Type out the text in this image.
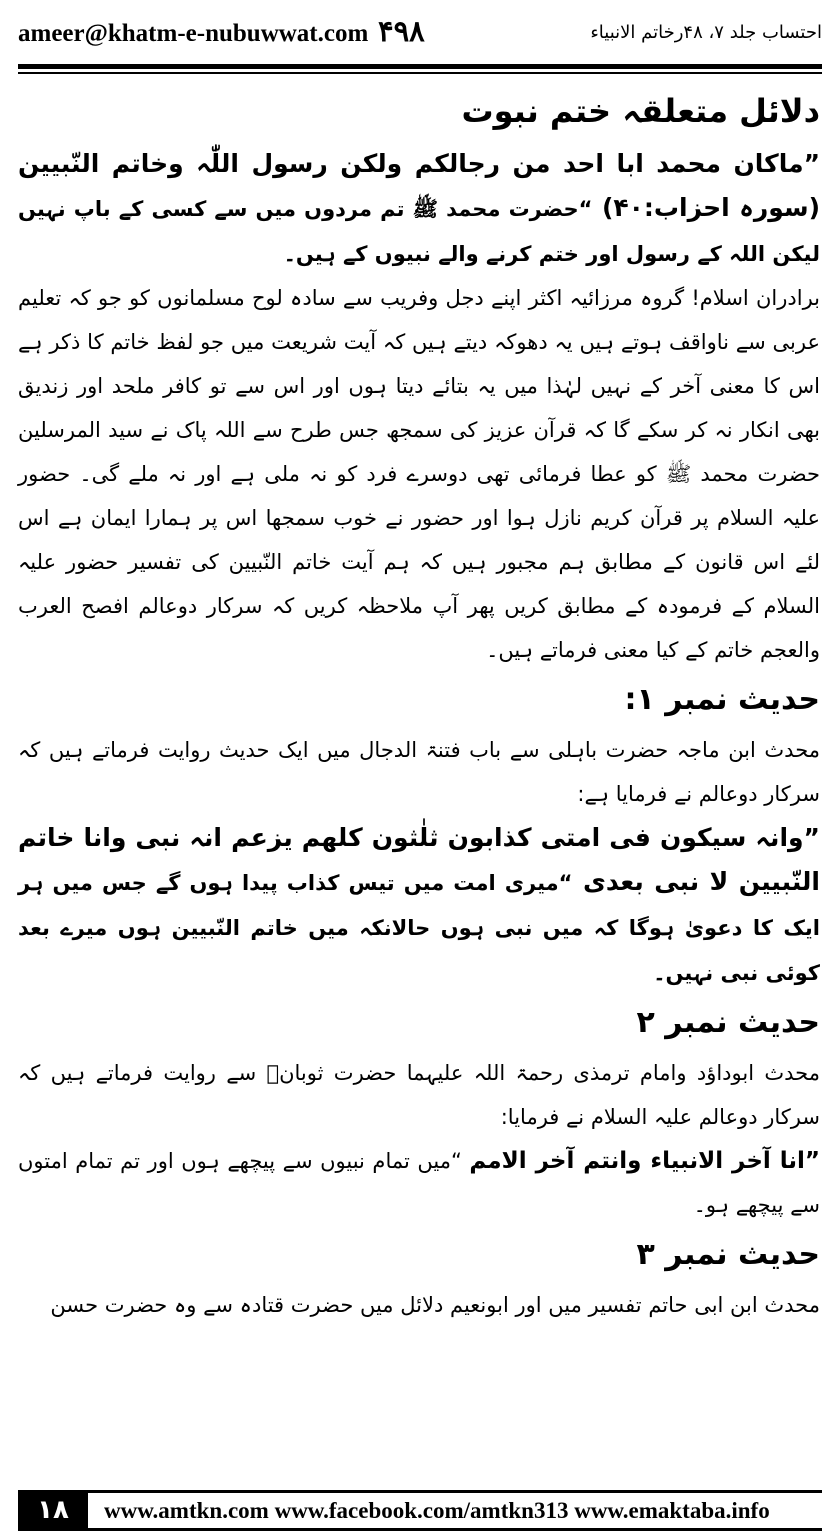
ameer@khatm-e-nubuwwat.com ۴۹۸	احتساب جلد ۷، ۴۸رخاتم الانبیاء

دلائل متعلقہ ختم نبوت

”ماکان محمد ابا احد من رجالکم ولکن رسول اللّٰہ وخاتم النّبیین (سورہ احزاب:۴۰) “حضرت محمد ﷺ تم مردوں میں سے کسی کے باپ نہیں لیکن اللہ کے رسول اور ختم کرنے والے نبیوں کے ہیں۔

برادران اسلام! گروہ مرزائیہ اکثر اپنے دجل وفریب سے سادہ لوح مسلمانوں کو جو کہ تعلیم عربی سے ناواقف ہوتے ہیں یہ دھوکہ دیتے ہیں کہ آیت شریعت میں جو لفظ خاتم کا ذکر ہے اس کا معنی آخر کے نہیں لہٰذا میں یہ بتائے دیتا ہوں اور اس سے تو کافر ملحد اور زندیق بھی انکار نہ کر سکے گا کہ قرآن عزیز کی سمجھ جس طرح سے اللہ پاک نے سید المرسلین حضرت محمد ﷺ کو عطا فرمائی تھی دوسرے فرد کو نہ ملی ہے اور نہ ملے گی۔ حضور علیہ السلام پر قرآن کریم نازل ہوا اور حضور نے خوب سمجھا اس پر ہمارا ایمان ہے اس لئے اس قانون کے مطابق ہم مجبور ہیں کہ ہم آیت خاتم النّبیین کی تفسیر حضور علیہ السلام کے فرمودہ کے مطابق کریں پھر آپ ملاحظہ کریں کہ سرکار دوعالم افصح العرب والعجم خاتم کے کیا معنی فرماتے ہیں۔

حدیث نمبر ۱:

محدث ابن ماجہ حضرت باہلی سے باب فتنۃ الدجال میں ایک حدیث روایت فرماتے ہیں کہ سرکار دوعالم نے فرمایا ہے:

”وانہ سیکون فی امتی کذابون ثلٰثون کلھم یزعم انہ نبی وانا خاتم النّبیین لا نبی بعدی “میری امت میں تیس کذاب پیدا ہوں گے جس میں ہر ایک کا دعویٰ ہوگا کہ میں نبی ہوں حالانکہ میں خاتم النّبیین ہوں میرے بعد کوئی نبی نہیں۔

حدیث نمبر ۲

محدث ابوداؤد وامام ترمذی رحمۃ اللہ علیہما حضرت ثوبانؓ سے روایت فرماتے ہیں کہ سرکار دوعالم علیہ السلام نے فرمایا:

”انا آخر الانبیاء وانتم آخر الامم “میں تمام نبیوں سے پیچھے ہوں اور تم تمام امتوں سے پیچھے ہو۔

حدیث نمبر ۳

محدث ابن ابی حاتم تفسیر میں اور ابونعیم دلائل میں حضرت قتادہ سے وہ حضرت حسن

۱۸	www.amtkn.com www.facebook.com/amtkn313 www.emaktaba.info
